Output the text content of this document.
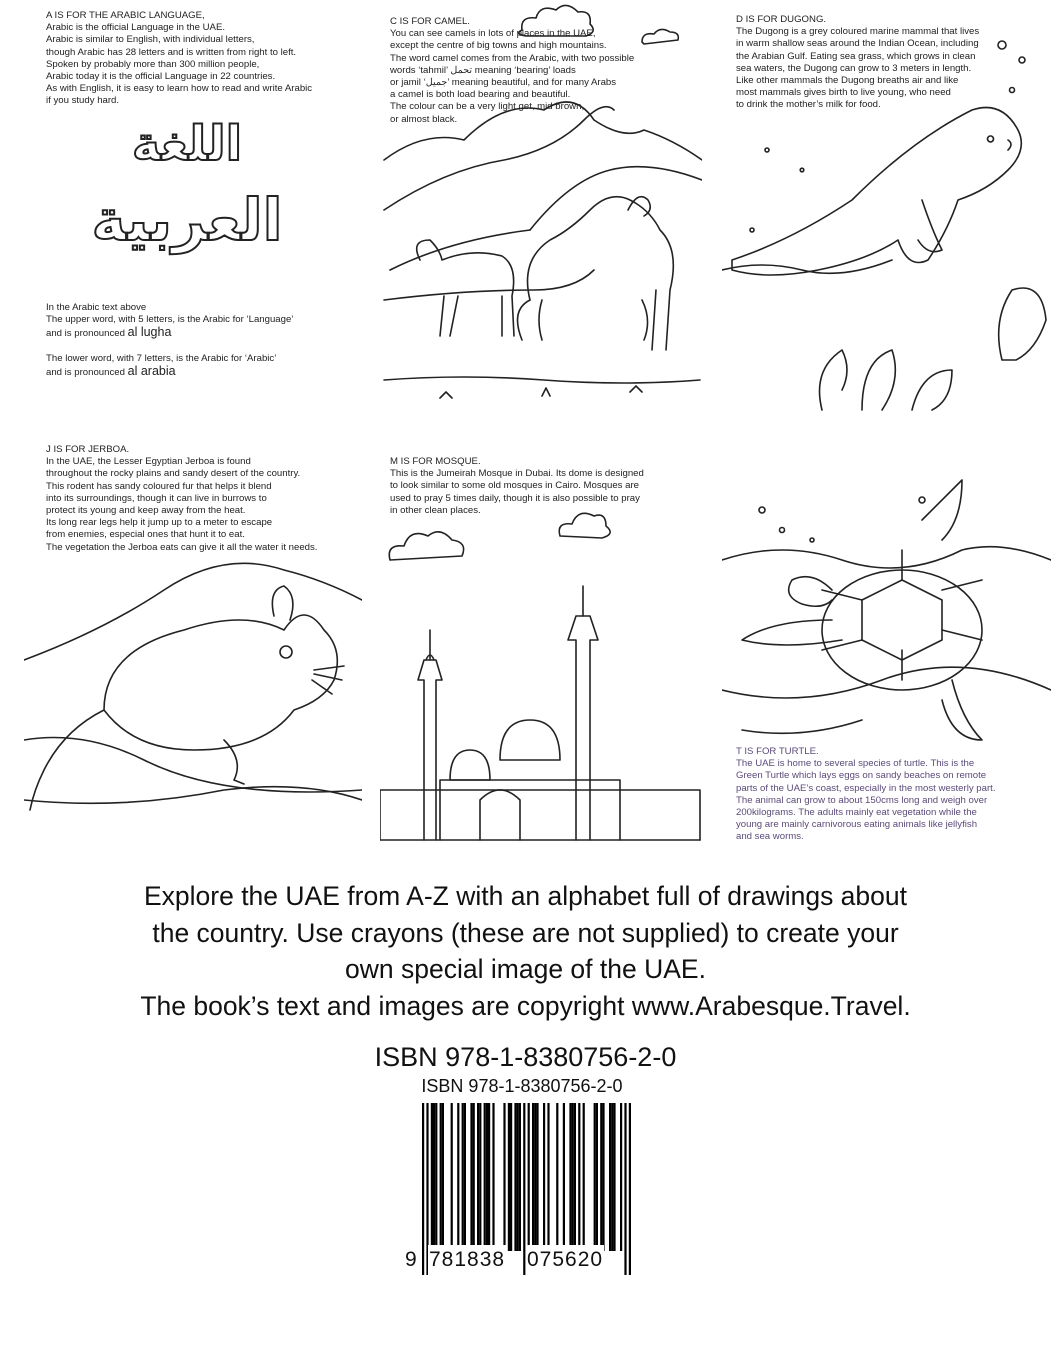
A IS FOR THE ARABIC LANGUAGE,
Arabic is the official Language in the UAE.
Arabic is similar to English, with individual letters,
though Arabic has 28 letters and is written from right to left.
Spoken by probably more than 300 million people,
Arabic today it is the official Language in 22 countries.
As with English, it is easy to learn how to read and write Arabic
if you study hard.
اللغة
العربية
In the Arabic text above
The upper word, with 5 letters, is the Arabic for ‘Language’
and is pronounced al lugha
The lower word, with 7 letters, is the Arabic for ‘Arabic’
and is pronounced al arabia
C IS FOR CAMEL.
You can see camels in lots of places in the UAE,
except the centre of big towns and high mountains.
The word camel comes from the Arabic, with two possible
words ‘tahmil’ تحمل meaning ‘bearing’ loads
or jamil ‘جميل’ meaning beautiful, and for many Arabs
a camel is both load bearing and beautiful.
The colour can be a very light get, mid brown,
or almost black.
D IS FOR DUGONG.
The Dugong is a grey coloured marine mammal that lives
in warm shallow seas around the Indian Ocean, including
the Arabian Gulf. Eating sea grass, which grows in clean
sea waters, the Dugong can grow to 3 meters in length.
Like other mammals the Dugong breaths air and like
most mammals gives birth to live young, who need
to drink the mother’s milk for food.
J IS FOR JERBOA.
In the UAE, the Lesser Egyptian Jerboa is found
throughout the rocky plains and sandy desert of the country.
This rodent has sandy coloured fur that helps it blend
into its surroundings, though it can live in burrows to
protect its young and keep away from the heat.
Its long rear legs help it jump up to a meter to escape
from enemies, especial ones that hunt it to eat.
The vegetation the Jerboa eats can give it all the water it needs.
M IS FOR MOSQUE.
This is the Jumeirah Mosque in Dubai. Its dome is designed
to look similar to some old mosques in Cairo. Mosques are
used to pray 5 times daily, though it is also possible to pray
in other clean places.
T IS FOR TURTLE.
The UAE is home to several species of turtle. This is the
Green Turtle which lays eggs on sandy beaches on remote
parts of the UAE’s coast, especially in the most westerly part.
The animal can grow to about 150cms long and weigh over
200kilograms. The adults mainly eat vegetation while the
young are mainly carnivorous eating animals like jellyfish
and sea worms.
Explore the UAE from A-Z with an alphabet full of drawings about
the country. Use crayons (these are not supplied) to create your
own special image of the UAE.
The book’s text and images are copyright www.Arabesque.Travel.
ISBN 978-1-8380756-2-0
ISBN 978-1-8380756-2-0
9 781838 075620
